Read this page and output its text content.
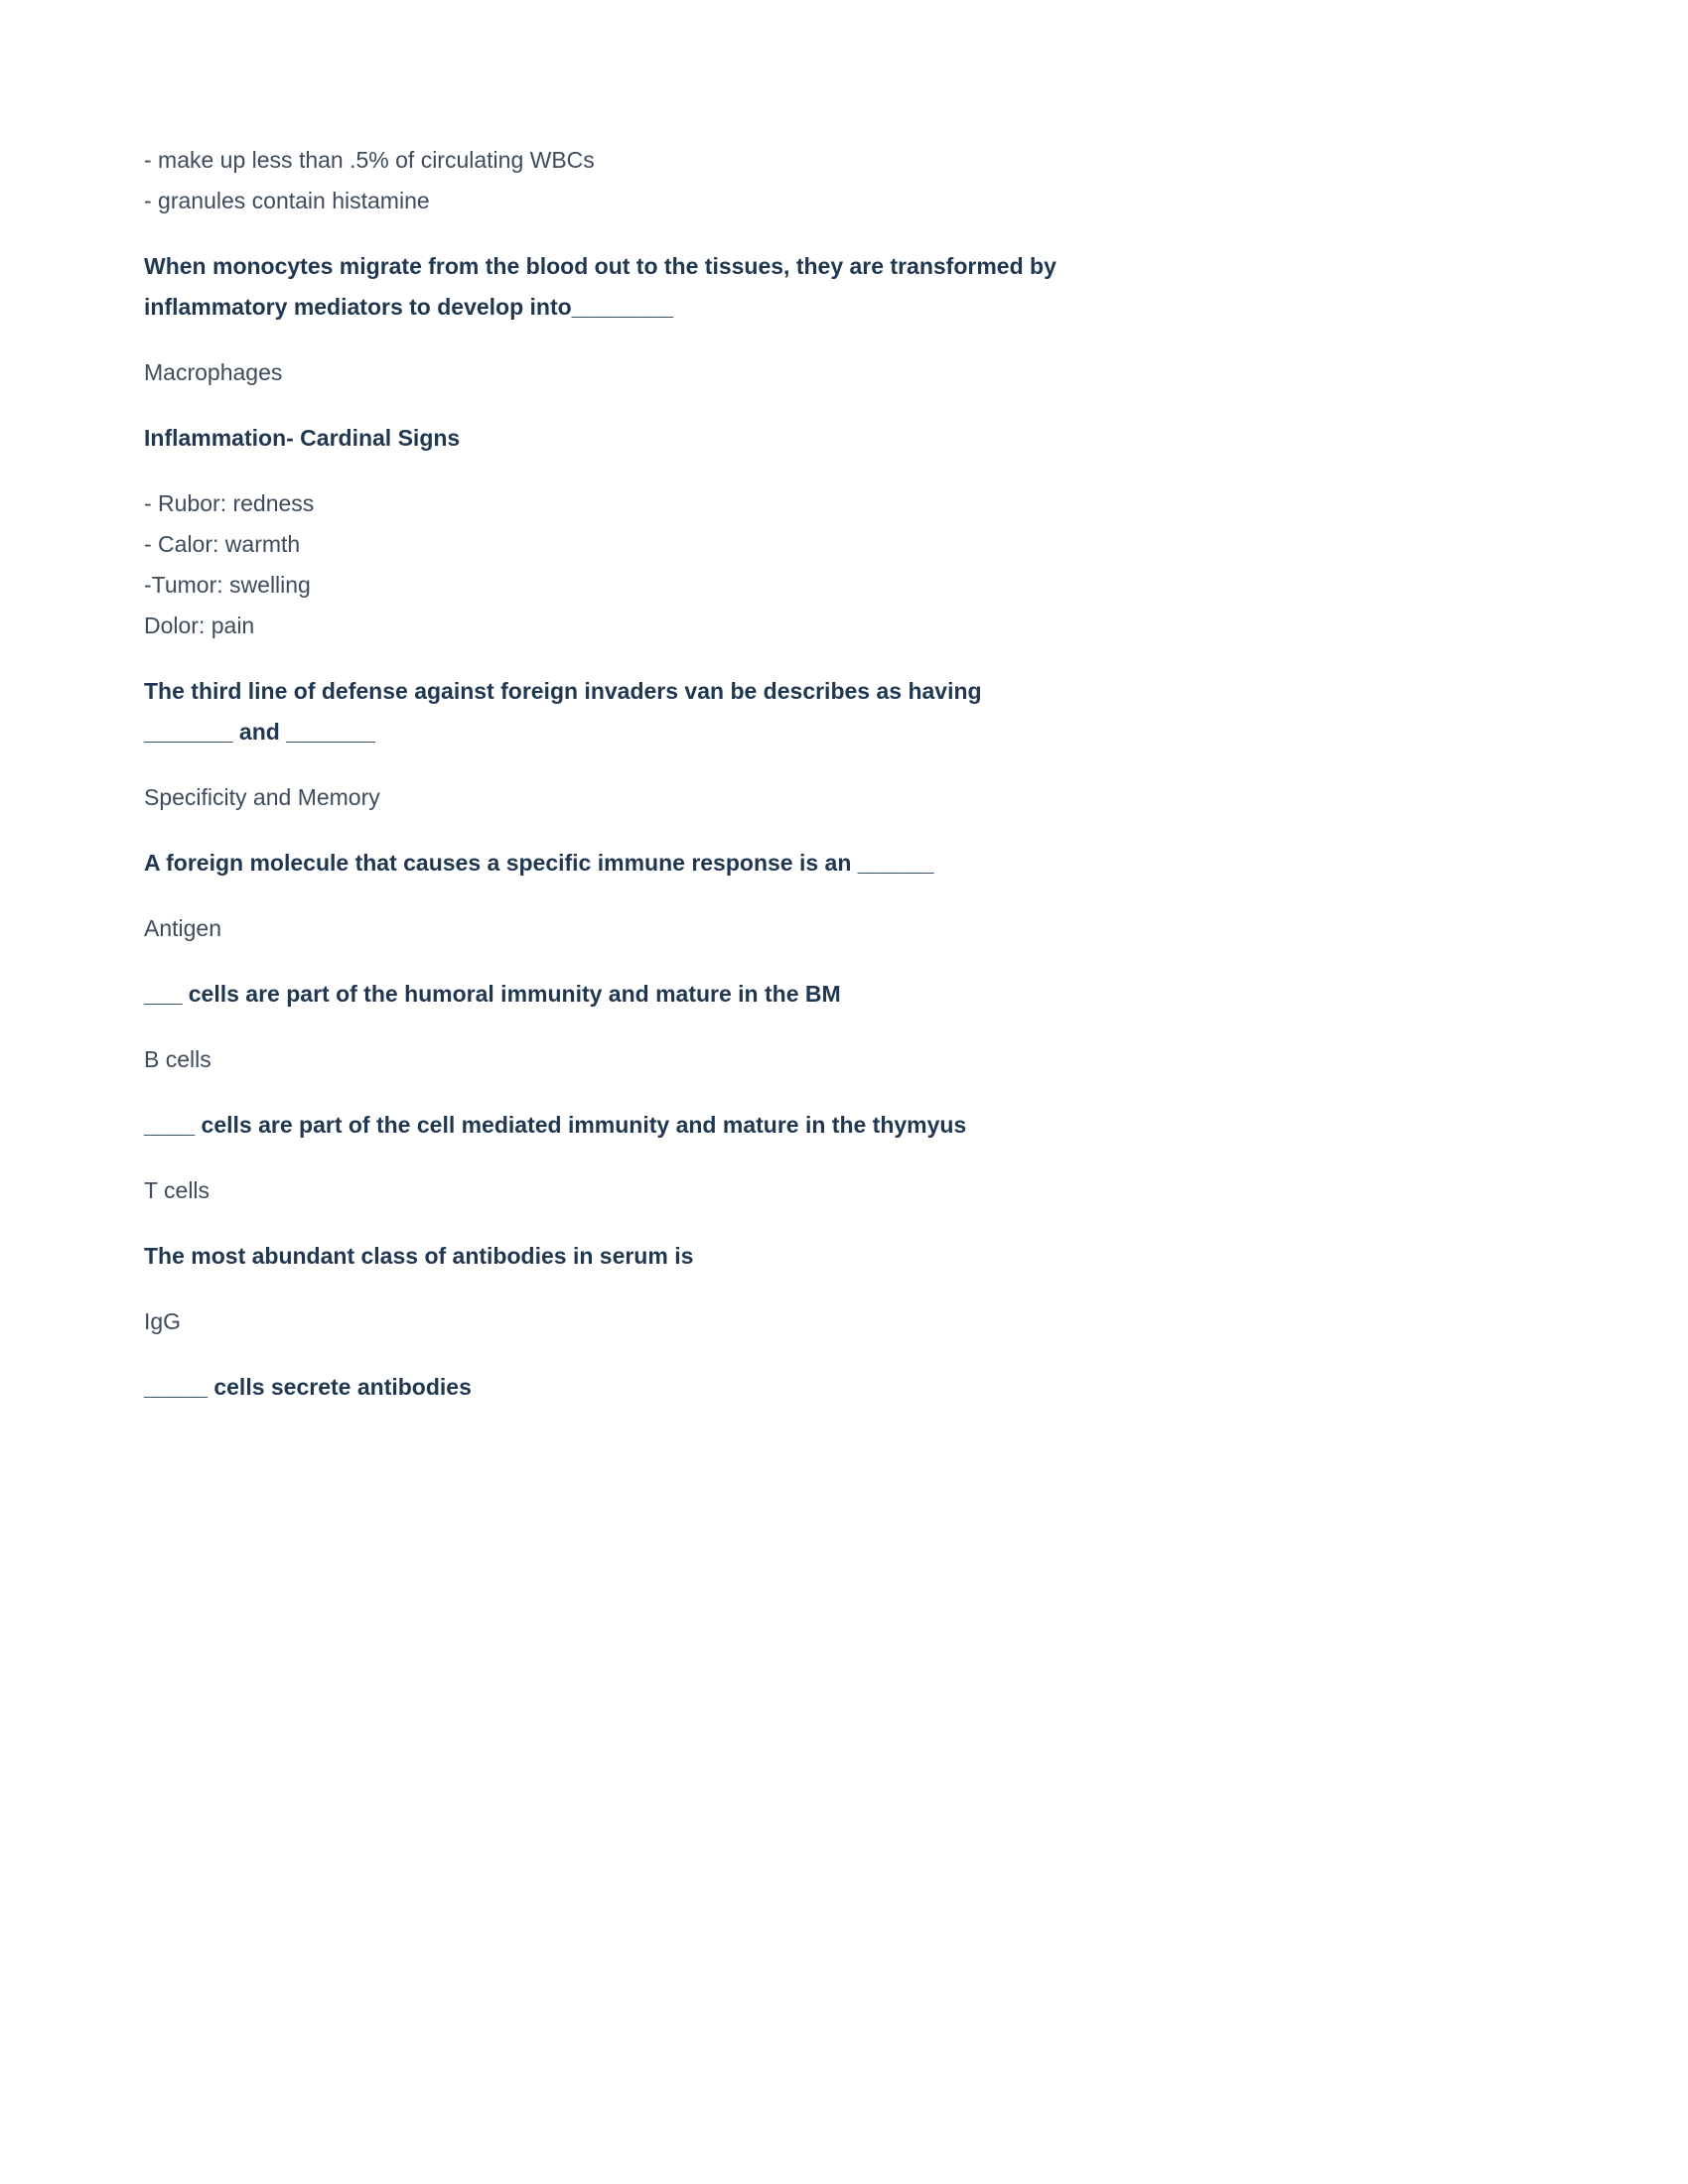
- make up less than .5% of circulating WBCs
- granules contain histamine

When monocytes migrate from the blood out to the tissues, they are transformed by inflammatory mediators to develop into________

Macrophages

Inflammation- Cardinal Signs

- Rubor: redness
- Calor: warmth
-Tumor: swelling
Dolor: pain

The third line of defense against foreign invaders van be describes as having _______ and _______

Specificity and Memory

A foreign molecule that causes a specific immune response is an ______

Antigen

___ cells are part of the humoral immunity and mature in the BM

B cells

____ cells are part of the cell mediated immunity and mature in the thymyus

T cells

The most abundant class of antibodies in serum is

IgG

_____ cells secrete antibodies
